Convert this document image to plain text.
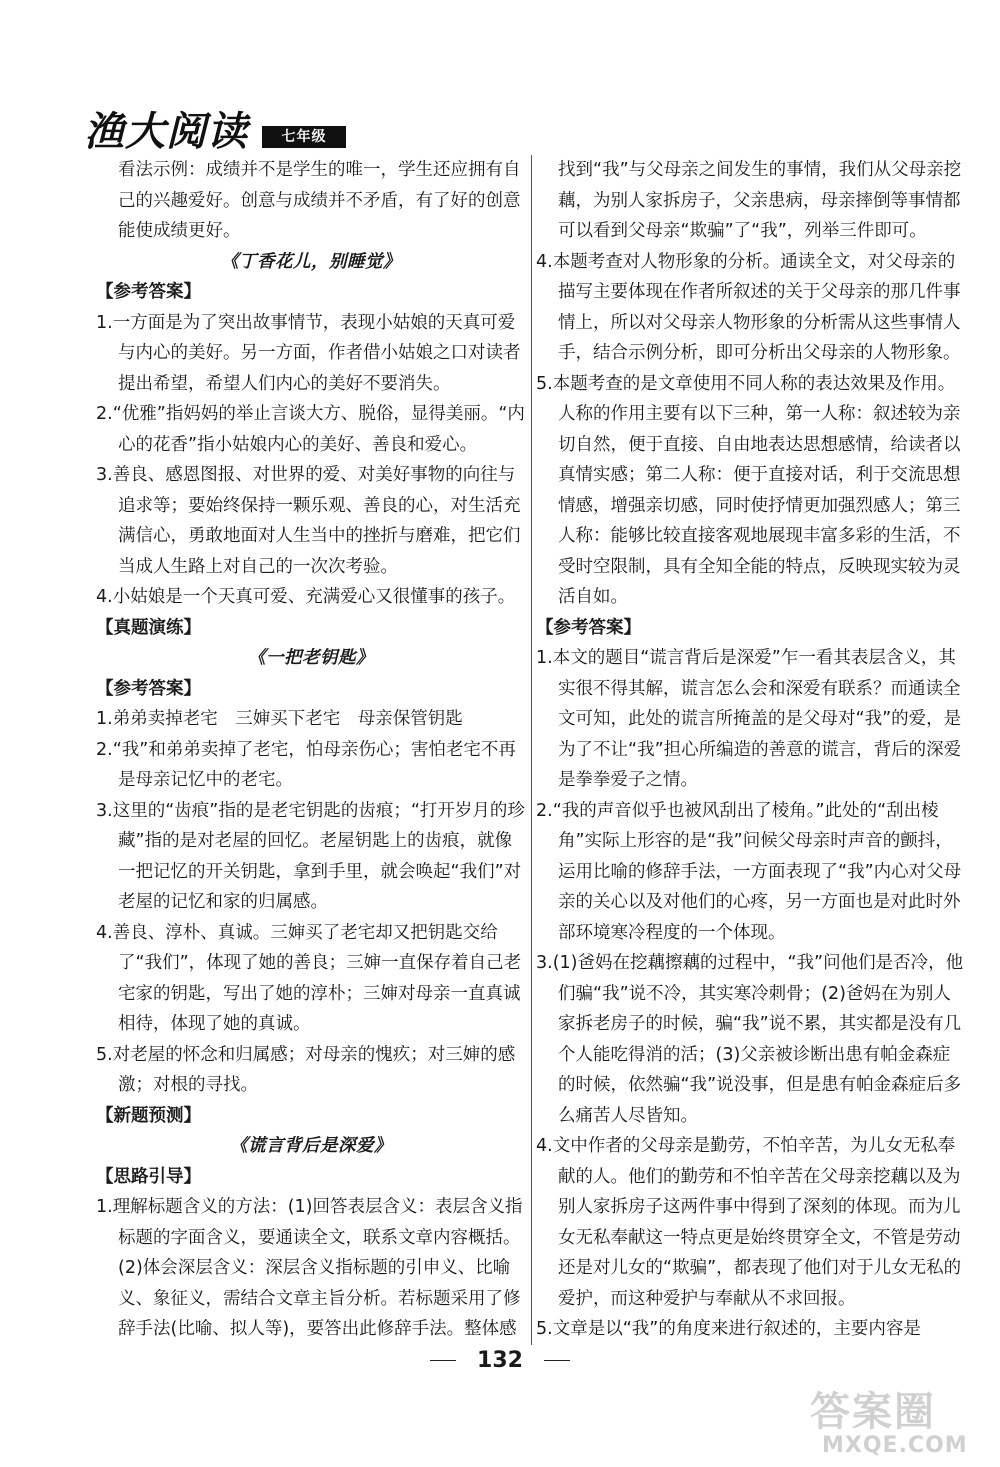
渔大阅读	七年级

看法示例：成绩并不是学生的唯一，学生还应拥有自己的兴趣爱好。创意与成绩并不矛盾，有了好的创意能使成绩更好。

《丁香花儿，别睡觉》

【参考答案】

1.一方面是为了突出故事情节，表现小姑娘的天真可爱与内心的美好。另一方面，作者借小姑娘之口对读者提出希望，希望人们内心的美好不要消失。

2.“优雅”指妈妈的举止言谈大方、脱俗，显得美丽。“内心的花香”指小姑娘内心的美好、善良和爱心。

3.善良、感恩图报、对世界的爱、对美好事物的向往与追求等；要始终保持一颗乐观、善良的心，对生活充满信心，勇敢地面对人生当中的挫折与磨难，把它们当成人生路上对自己的一次次考验。

4.小姑娘是一个天真可爱、充满爱心又很懂事的孩子。

【真题演练】

《一把老钥匙》

【参考答案】

1.弟弟卖掉老宅　三婶买下老宅　母亲保管钥匙

2.“我”和弟弟卖掉了老宅，怕母亲伤心；害怕老宅不再是母亲记忆中的老宅。

3.这里的“齿痕”指的是老宅钥匙的齿痕；“打开岁月的珍藏”指的是对老屋的回忆。老屋钥匙上的齿痕，就像一把记忆的开关钥匙，拿到手里，就会唤起“我们”对老屋的记忆和家的归属感。

4.善良、淳朴、真诚。三婶买了老宅却又把钥匙交给了“我们”，体现了她的善良；三婶一直保存着自己老宅家的钥匙，写出了她的淳朴；三婶对母亲一直真诚相待，体现了她的真诚。

5.对老屋的怀念和归属感；对母亲的愧疚；对三婶的感激；对根的寻找。

【新题预测】

《谎言背后是深爱》

【思路引导】

1.理解标题含义的方法：(1)回答表层含义：表层含义指标题的字面含义，要通读全文，联系文章内容概括。(2)体会深层含义：深层含义指标题的引申义、比喻义、象征义，需结合文章主旨分析。若标题采用了修辞手法(比喻、拟人等)，要答出此修辞手法。整体感

找到“我”与父母亲之间发生的事情，我们从父母亲挖藕，为别人家拆房子，父亲患病，母亲摔倒等事情都可以看到父母亲“欺骗”了“我”，列举三件即可。

4.本题考查对人物形象的分析。通读全文，对父母亲的描写主要体现在作者所叙述的关于父母亲的那几件事情上，所以对父母亲人物形象的分析需从这些事情人手，结合示例分析，即可分析出父母亲的人物形象。

5.本题考查的是文章使用不同人称的表达效果及作用。人称的作用主要有以下三种，第一人称：叙述较为亲切自然，便于直接、自由地表达思想感情，给读者以真情实感；第二人称：便于直接对话，利于交流思想情感，增强亲切感，同时使抒情更加强烈感人；第三人称：能够比较直接客观地展现丰富多彩的生活，不受时空限制，具有全知全能的特点，反映现实较为灵活自如。

【参考答案】

1.本文的题目“谎言背后是深爱”乍一看其表层含义，其实很不得其解，谎言怎么会和深爱有联系？而通读全文可知，此处的谎言所掩盖的是父母对“我”的爱，是为了不让“我”担心所编造的善意的谎言，背后的深爱是拳拳爱子之情。

2.“我的声音似乎也被风刮出了棱角。”此处的“刮出棱角”实际上形容的是“我”问候父母亲时声音的颤抖，运用比喻的修辞手法，一方面表现了“我”内心对父母亲的关心以及对他们的心疼，另一方面也是对此时外部环境寒冷程度的一个体现。

3.(1)爸妈在挖藕擦藕的过程中，“我”问他们是否冷，他们骗“我”说不冷，其实寒冷刺骨；(2)爸妈在为别人家拆老房子的时候，骗“我”说不累，其实都是没有几个人能吃得消的活；(3)父亲被诊断出患有帕金森症的时候，依然骗“我”说没事，但是患有帕金森症后多么痛苦人尽皆知。

4.文中作者的父母亲是勤劳，不怕辛苦，为儿女无私奉献的人。他们的勤劳和不怕辛苦在父母亲挖藕以及为别人家拆房子这两件事中得到了深刻的体现。而为儿女无私奉献这一特点更是始终贯穿全文，不管是劳动还是对儿女的“欺骗”，都表现了他们对于儿女无私的爱护，而这种爱护与奉献从不求回报。

5.文章是以“我”的角度来进行叙述的，主要内容是

132
答案圈
MXQE.COM
